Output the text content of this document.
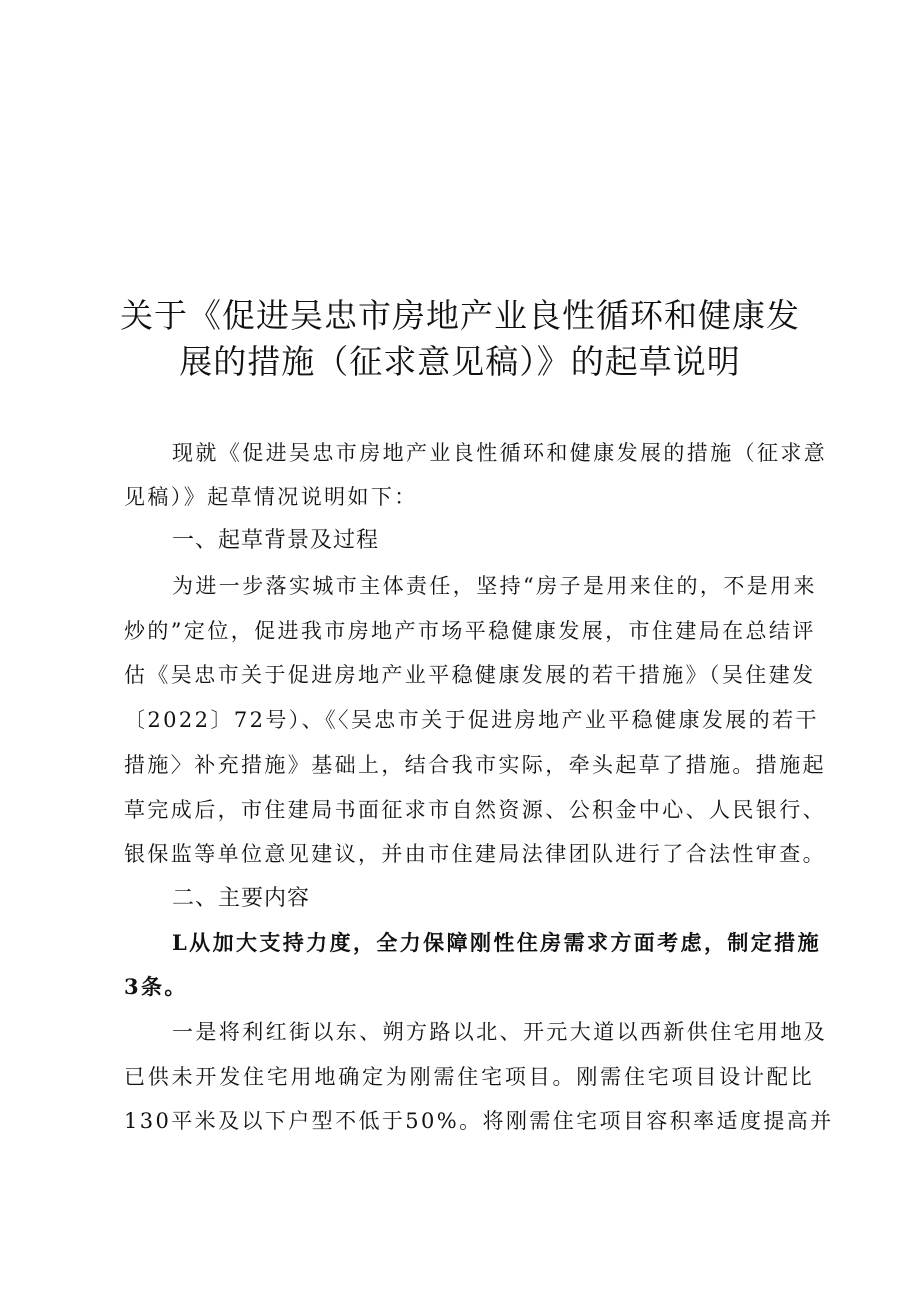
关于《促进吴忠市房地产业良性循环和健康发
展的措施（征求意见稿）》的起草说明
现就《促进吴忠市房地产业良性循环和健康发展的措施（征求意
见稿）》起草情况说明如下：
一、起草背景及过程
为进一步落实城市主体责任，坚持“房子是用来住的，不是用来
炒的”定位，促进我市房地产市场平稳健康发展，市住建局在总结评
估《吴忠市关于促进房地产业平稳健康发展的若干措施》（吴住建发
〔2022〕72号）、《〈吴忠市关于促进房地产业平稳健康发展的若干
措施〉补充措施》基础上，结合我市实际，牵头起草了措施。措施起
草完成后，市住建局书面征求市自然资源、公积金中心、人民银行、
银保监等单位意见建议，并由市住建局法律团队进行了合法性审查。
二、主要内容
L从加大支持力度，全力保障刚性住房需求方面考虑，制定措施
3条。
一是将利红街以东、朔方路以北、开元大道以西新供住宅用地及
已供未开发住宅用地确定为刚需住宅项目。刚需住宅项目设计配比
130平米及以下户型不低于50%。将刚需住宅项目容积率适度提高并
